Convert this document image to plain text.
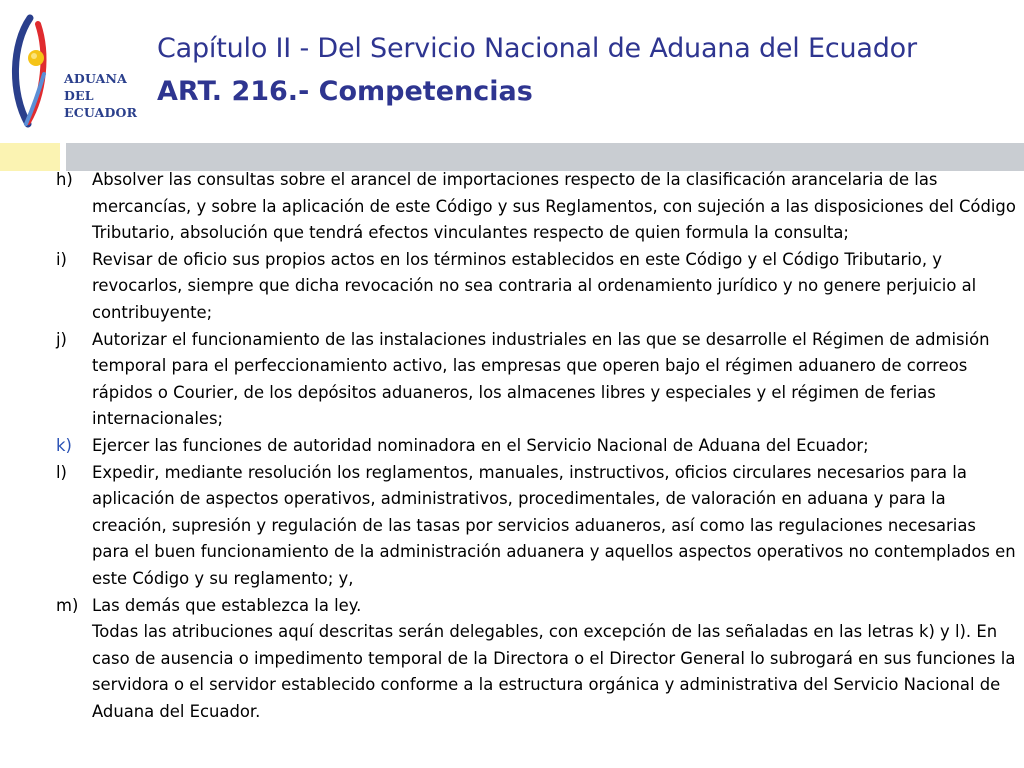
ADUANA
DEL
ECUADOR
Capítulo II - Del Servicio Nacional de Aduana del Ecuador
ART. 216.- Competencias
h) Absolver las consultas sobre el arancel de importaciones respecto de la clasificación arancelaria de las mercancías, y sobre la aplicación de este Código y sus Reglamentos, con sujeción a las disposiciones del Código Tributario, absolución que tendrá efectos vinculantes respecto de quien formula la consulta;
i) Revisar de oficio sus propios actos en los términos establecidos en este Código y el Código Tributario, y revocarlos, siempre que dicha revocación no sea contraria al ordenamiento jurídico y no genere perjuicio al contribuyente;
j) Autorizar el funcionamiento de las instalaciones industriales en las que se desarrolle el Régimen de admisión temporal para el perfeccionamiento activo, las empresas que operen bajo el régimen aduanero de correos rápidos o Courier, de los depósitos aduaneros, los almacenes libres y especiales y el régimen de ferias internacionales;
k) Ejercer las funciones de autoridad nominadora en el Servicio Nacional de Aduana del Ecuador;
l) Expedir, mediante resolución los reglamentos, manuales, instructivos, oficios circulares necesarios para la aplicación de aspectos operativos, administrativos, procedimentales, de valoración en aduana y para la creación, supresión y regulación de las tasas por servicios aduaneros, así como las regulaciones necesarias para el buen funcionamiento de la administración aduanera y aquellos aspectos operativos no contemplados en este Código y su reglamento; y,
m) Las demás que establezca la ley.
Todas las atribuciones aquí descritas serán delegables, con excepción de las señaladas en las letras k) y l). En caso de ausencia o impedimento temporal de la Directora o el Director General lo subrogará en sus funciones la servidora o el servidor establecido conforme a la estructura orgánica y administrativa del Servicio Nacional de Aduana del Ecuador.
